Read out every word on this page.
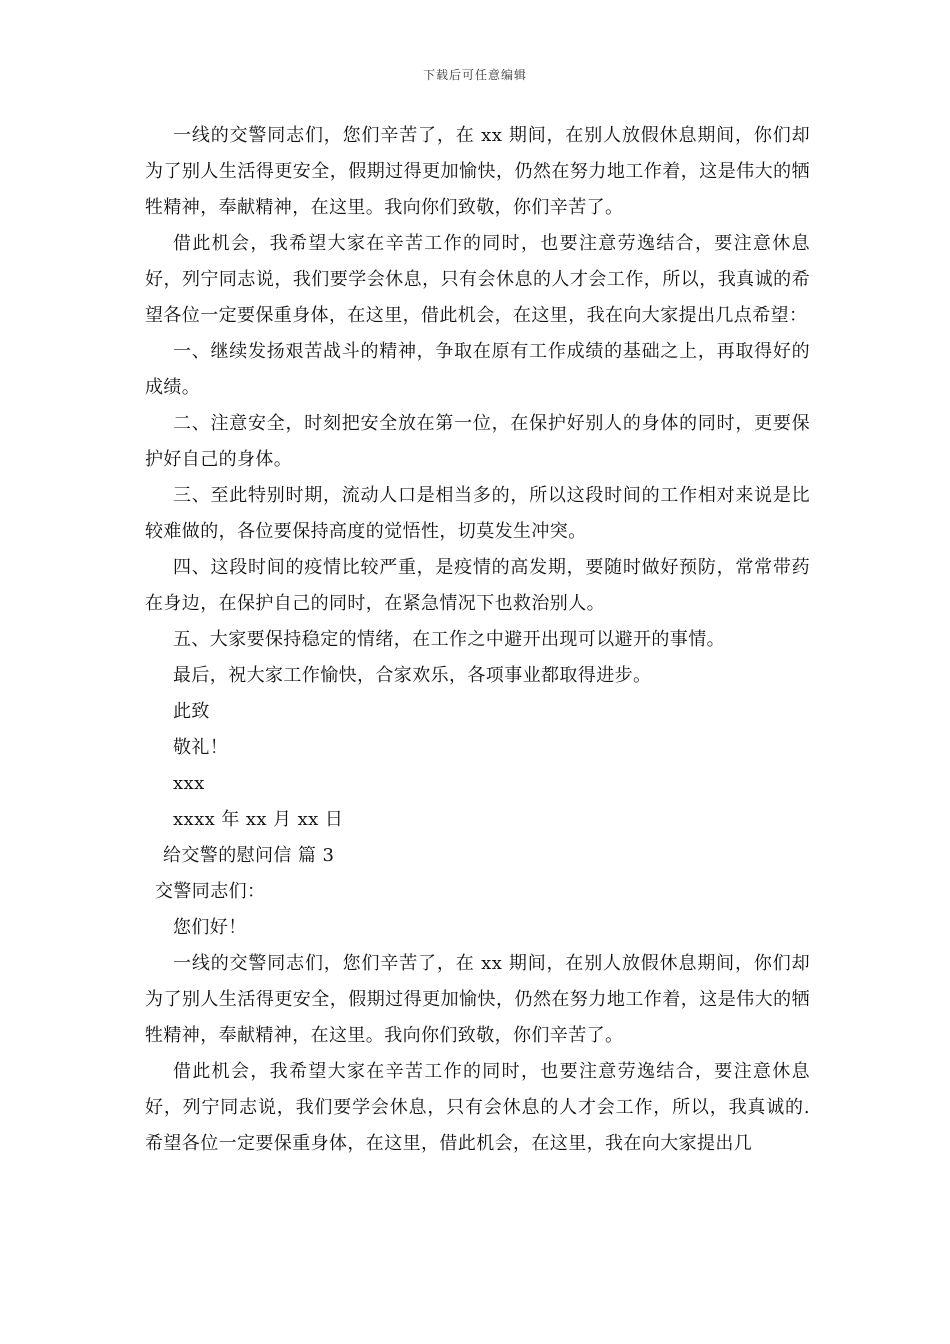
下载后可任意编辑

一线的交警同志们，您们辛苦了，在 xx 期间，在别人放假休息期间，你们却为了别人生活得更安全，假期过得更加愉快，仍然在努力地工作着，这是伟大的牺牲精神，奉献精神，在这里。我向你们致敬，你们辛苦了。

借此机会，我希望大家在辛苦工作的同时，也要注意劳逸结合，要注意休息好，列宁同志说，我们要学会休息，只有会休息的人才会工作，所以，我真诚的希望各位一定要保重身体，在这里，借此机会，在这里，我在向大家提出几点希望：

一、继续发扬艰苦战斗的精神，争取在原有工作成绩的基础之上，再取得好的成绩。

二、注意安全，时刻把安全放在第一位，在保护好别人的身体的同时，更要保护好自己的身体。

三、至此特别时期，流动人口是相当多的，所以这段时间的工作相对来说是比较难做的，各位要保持高度的觉悟性，切莫发生冲突。

四、这段时间的疫情比较严重，是疫情的高发期，要随时做好预防，常常带药在身边，在保护自己的同时，在紧急情况下也救治别人。

五、大家要保持稳定的情绪，在工作之中避开出现可以避开的事情。

最后，祝大家工作愉快，合家欢乐，各项事业都取得进步。

此致

敬礼！

xxx

xxxx 年 xx 月 xx 日

给交警的慰问信 篇 3

交警同志们：

您们好！

一线的交警同志们，您们辛苦了，在 xx 期间，在别人放假休息期间，你们却为了别人生活得更安全，假期过得更加愉快，仍然在努力地工作着，这是伟大的牺牲精神，奉献精神，在这里。我向你们致敬，你们辛苦了。

借此机会，我希望大家在辛苦工作的同时，也要注意劳逸结合，要注意休息好，列宁同志说，我们要学会休息，只有会休息的人才会工作，所以，我真诚的.希望各位一定要保重身体，在这里，借此机会，在这里，我在向大家提出几
